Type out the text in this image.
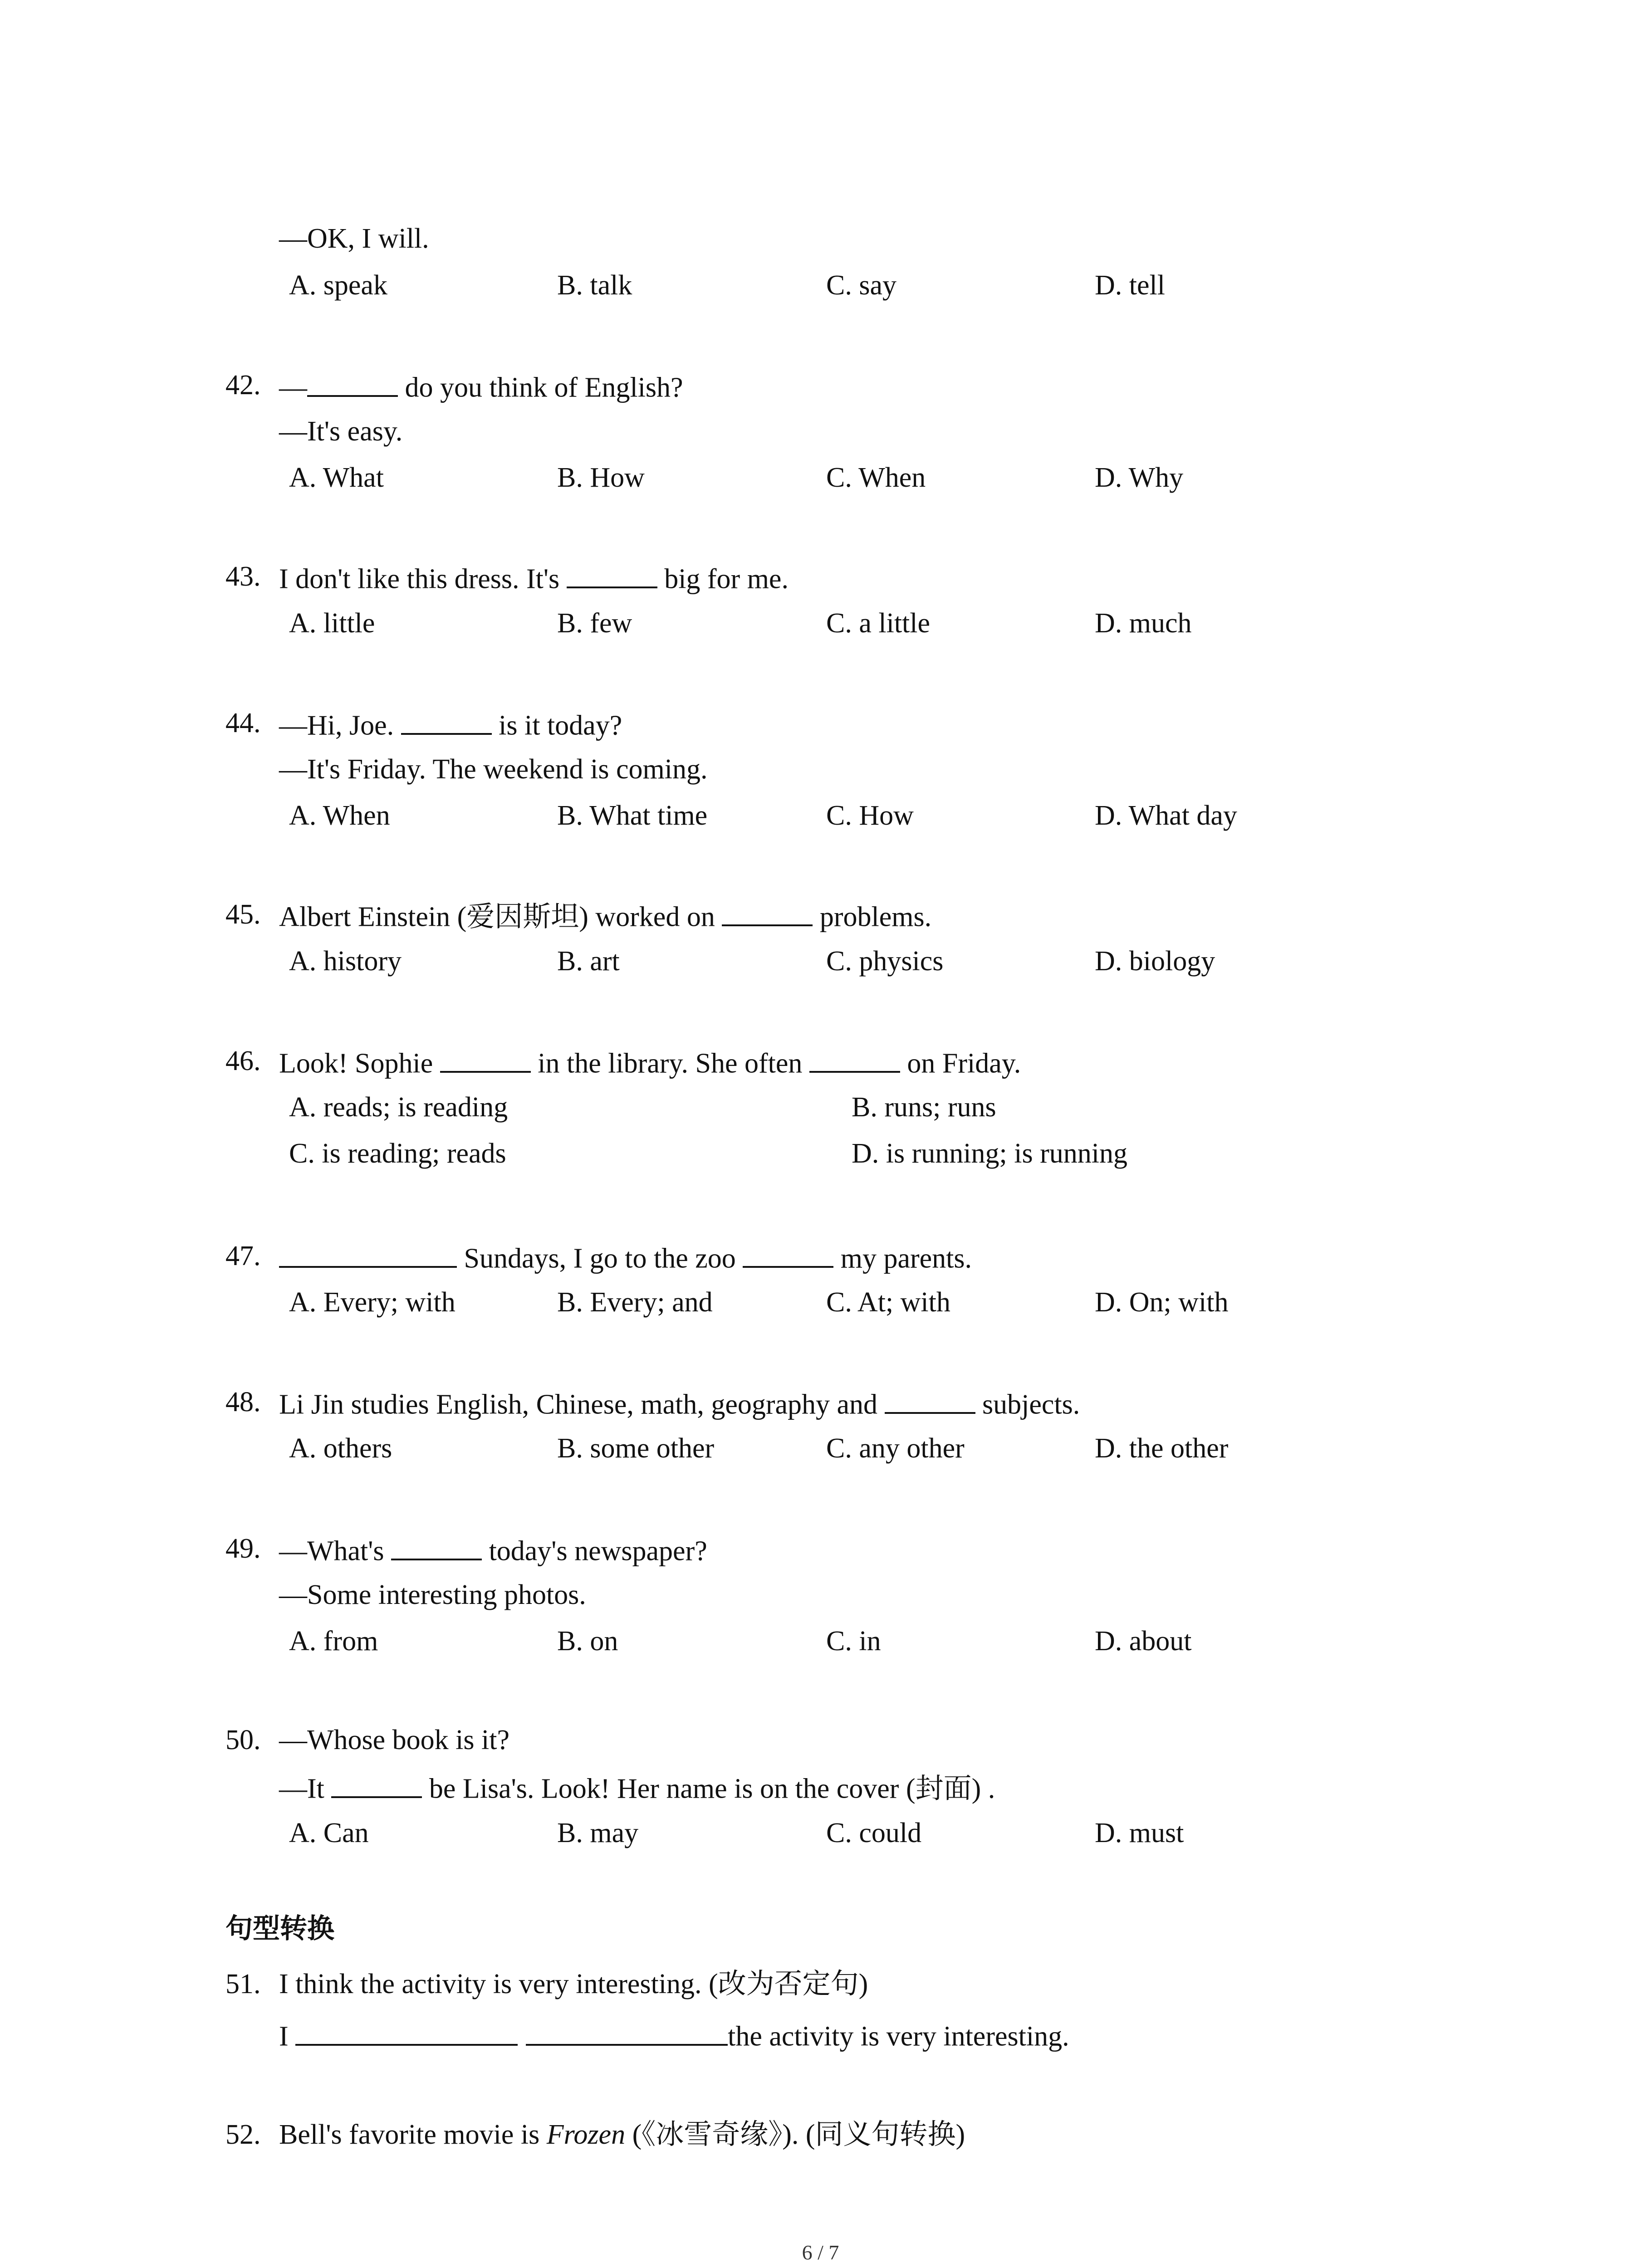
—OK, I will.
A. speak	B. talk	C. say	D. tell
42. —	do you think of English?
—It's easy.
A. What	B. How	C. When	D. Why
43. I don't like this dress. It's	big for me.
A. little	B. few	C. a little	D. much
44. —Hi, Joe.	is it today?
—It's Friday. The weekend is coming.
A. When	B. What time	C. How	D. What day
45. Albert Einstein (爱因斯坦) worked on	problems.
A. history	B. art	C. physics	D. biology
46. Look! Sophie	in the library. She often	on Friday.
A. reads; is reading	B. runs; runs
C. is reading; reads	D. is running; is running
47.	Sundays, I go to the zoo	my parents.
A. Every; with	B. Every; and	C. At; with	D. On; with
48. Li Jin studies English, Chinese, math, geography and	subjects.
A. others	B. some other	C. any other	D. the other
49. —What's	today's newspaper?
—Some interesting photos.
A. from	B. on	C. in	D. about
50. —Whose book is it?
—It	be Lisa's. Look! Her name is on the cover (封面) .
A. Can	B. may	C. could	D. must
句型转换
51. I think the activity is very interesting. (改为否定句)
I	the activity is very interesting.
52. Bell's favorite movie is Frozen (《冰雪奇缘》). (同义句转换)
6 / 7
